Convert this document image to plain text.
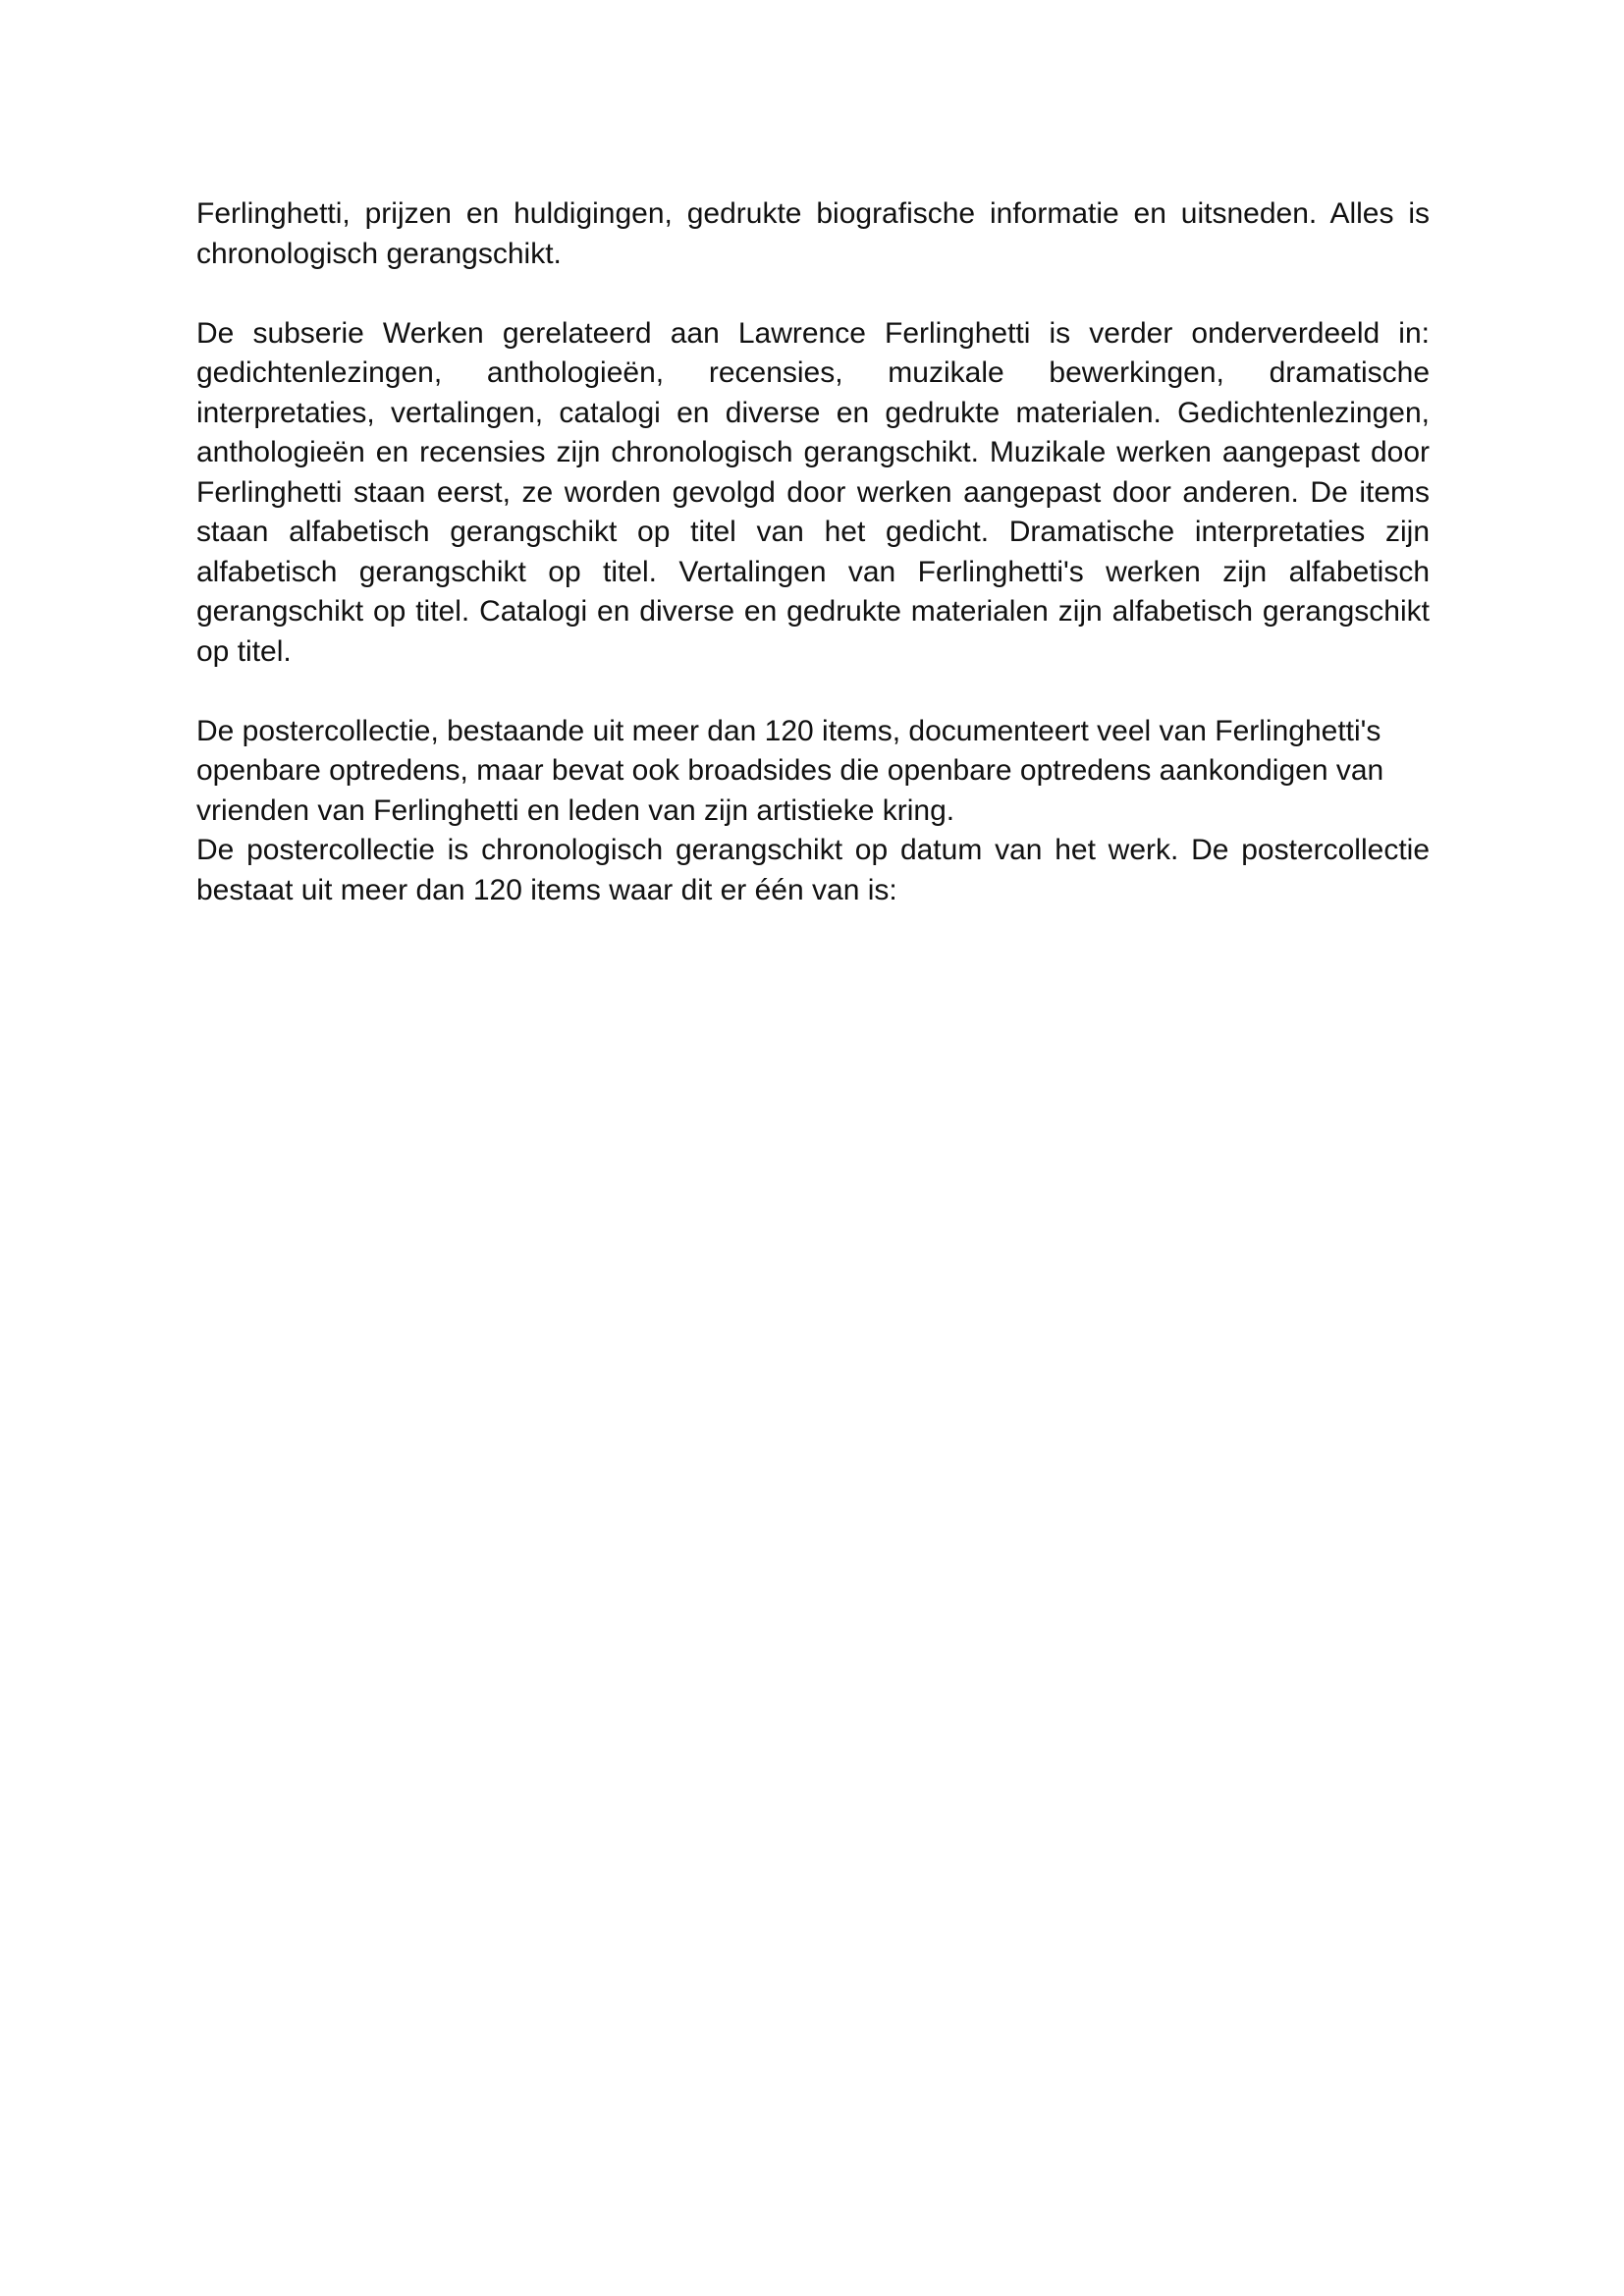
Ferlinghetti, prijzen en huldigingen, gedrukte biografische informatie en uitsneden. Alles is chronologisch gerangschikt.

De subserie Werken gerelateerd aan Lawrence Ferlinghetti is verder onderverdeeld in: gedichtenlezingen, anthologieën, recensies, muzikale bewerkingen, dramatische interpretaties, vertalingen, catalogi en diverse en gedrukte materialen. Gedichtenlezingen, anthologieën en recensies zijn chronologisch gerangschikt. Muzikale werken aangepast door Ferlinghetti staan eerst, ze worden gevolgd door werken aangepast door anderen. De items staan alfabetisch gerangschikt op titel van het gedicht. Dramatische interpretaties zijn alfabetisch gerangschikt op titel. Vertalingen van Ferlinghetti's werken zijn alfabetisch gerangschikt op titel. Catalogi en diverse en gedrukte materialen zijn alfabetisch gerangschikt op titel.

De postercollectie, bestaande uit meer dan 120 items, documenteert veel van Ferlinghetti's openbare optredens, maar bevat ook broadsides die openbare optredens aankondigen van vrienden van Ferlinghetti en leden van zijn artistieke kring.

De postercollectie is chronologisch gerangschikt op datum van het werk. De postercollectie bestaat uit meer dan 120 items waar dit er één van is:
